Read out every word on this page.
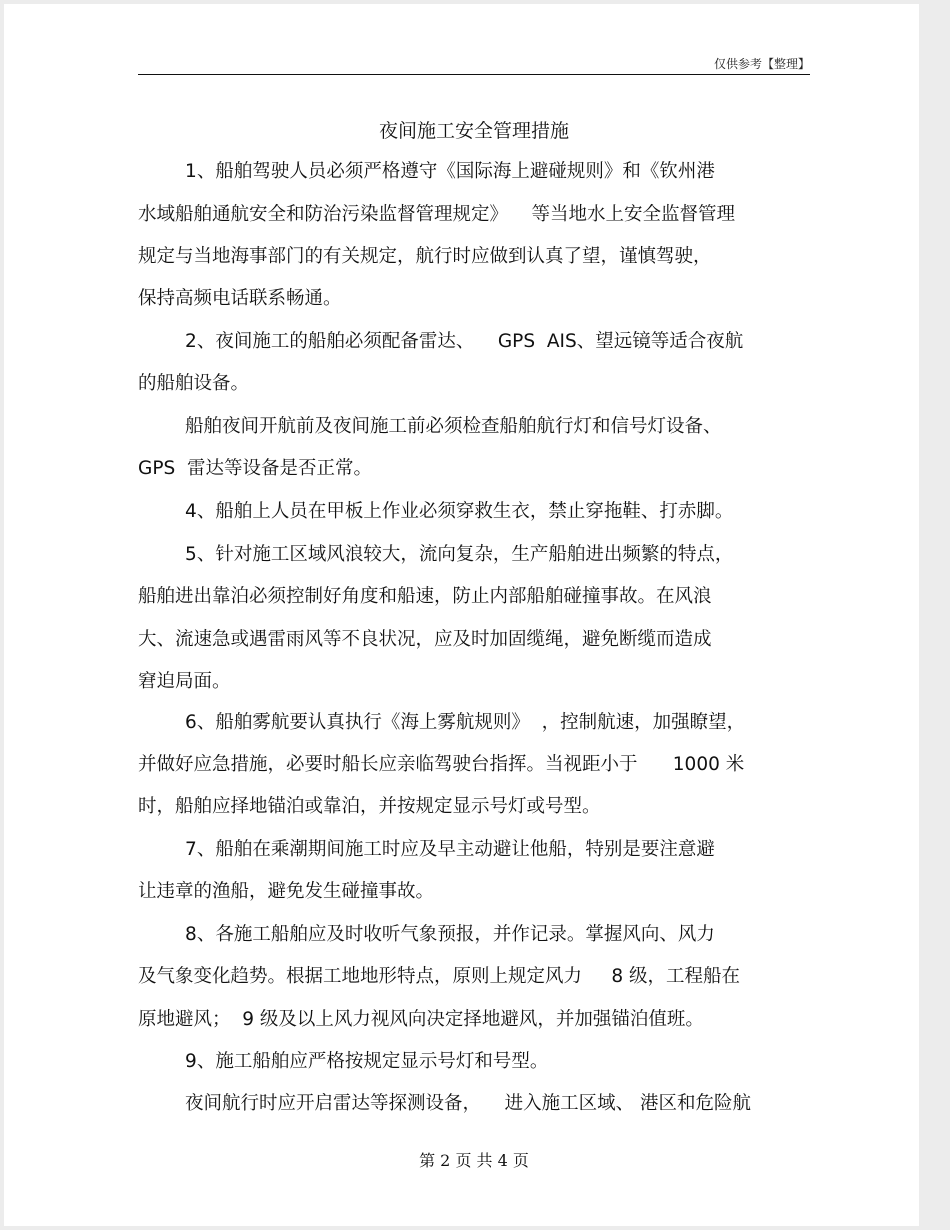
仅供参考【整理】
夜间施工安全管理措施
1、船舶驾驶人员必须严格遵守《国际海上避碰规则》和《钦州港
水域船舶通航安全和防治污染监督管理规定》    等当地水上安全监督管理
规定与当地海事部门的有关规定，航行时应做到认真了望，谨慎驾驶，
保持高频电话联系畅通。
2、夜间施工的船舶必须配备雷达、    GPS  AIS、望远镜等适合夜航
的船舶设备。
船舶夜间开航前及夜间施工前必须检查船舶航行灯和信号灯设备、
GPS  雷达等设备是否正常。
4、船舶上人员在甲板上作业必须穿救生衣，禁止穿拖鞋、打赤脚。
5、针对施工区域风浪较大，流向复杂，生产船舶进出频繁的特点，
船舶进出靠泊必须控制好角度和船速，防止内部船舶碰撞事故。在风浪
大、流速急或遇雷雨风等不良状况，应及时加固缆绳，避免断缆而造成
窘迫局面。
6、船舶雾航要认真执行《海上雾航规则》  ，控制航速，加强瞭望，
并做好应急措施，必要时船长应亲临驾驶台指挥。当视距小于      1000 米
时，船舶应择地锚泊或靠泊，并按规定显示号灯或号型。
7、船舶在乘潮期间施工时应及早主动避让他船，特别是要注意避
让违章的渔船，避免发生碰撞事故。
8、各施工船舶应及时收听气象预报，并作记录。掌握风向、风力
及气象变化趋势。根据工地地形特点，原则上规定风力     8 级，工程船在
原地避风；  9 级及以上风力视风向决定择地避风，并加强锚泊值班。
9、施工船舶应严格按规定显示号灯和号型。
夜间航行时应开启雷达等探测设备，    进入施工区域、 港区和危险航
第 2 页 共 4 页
